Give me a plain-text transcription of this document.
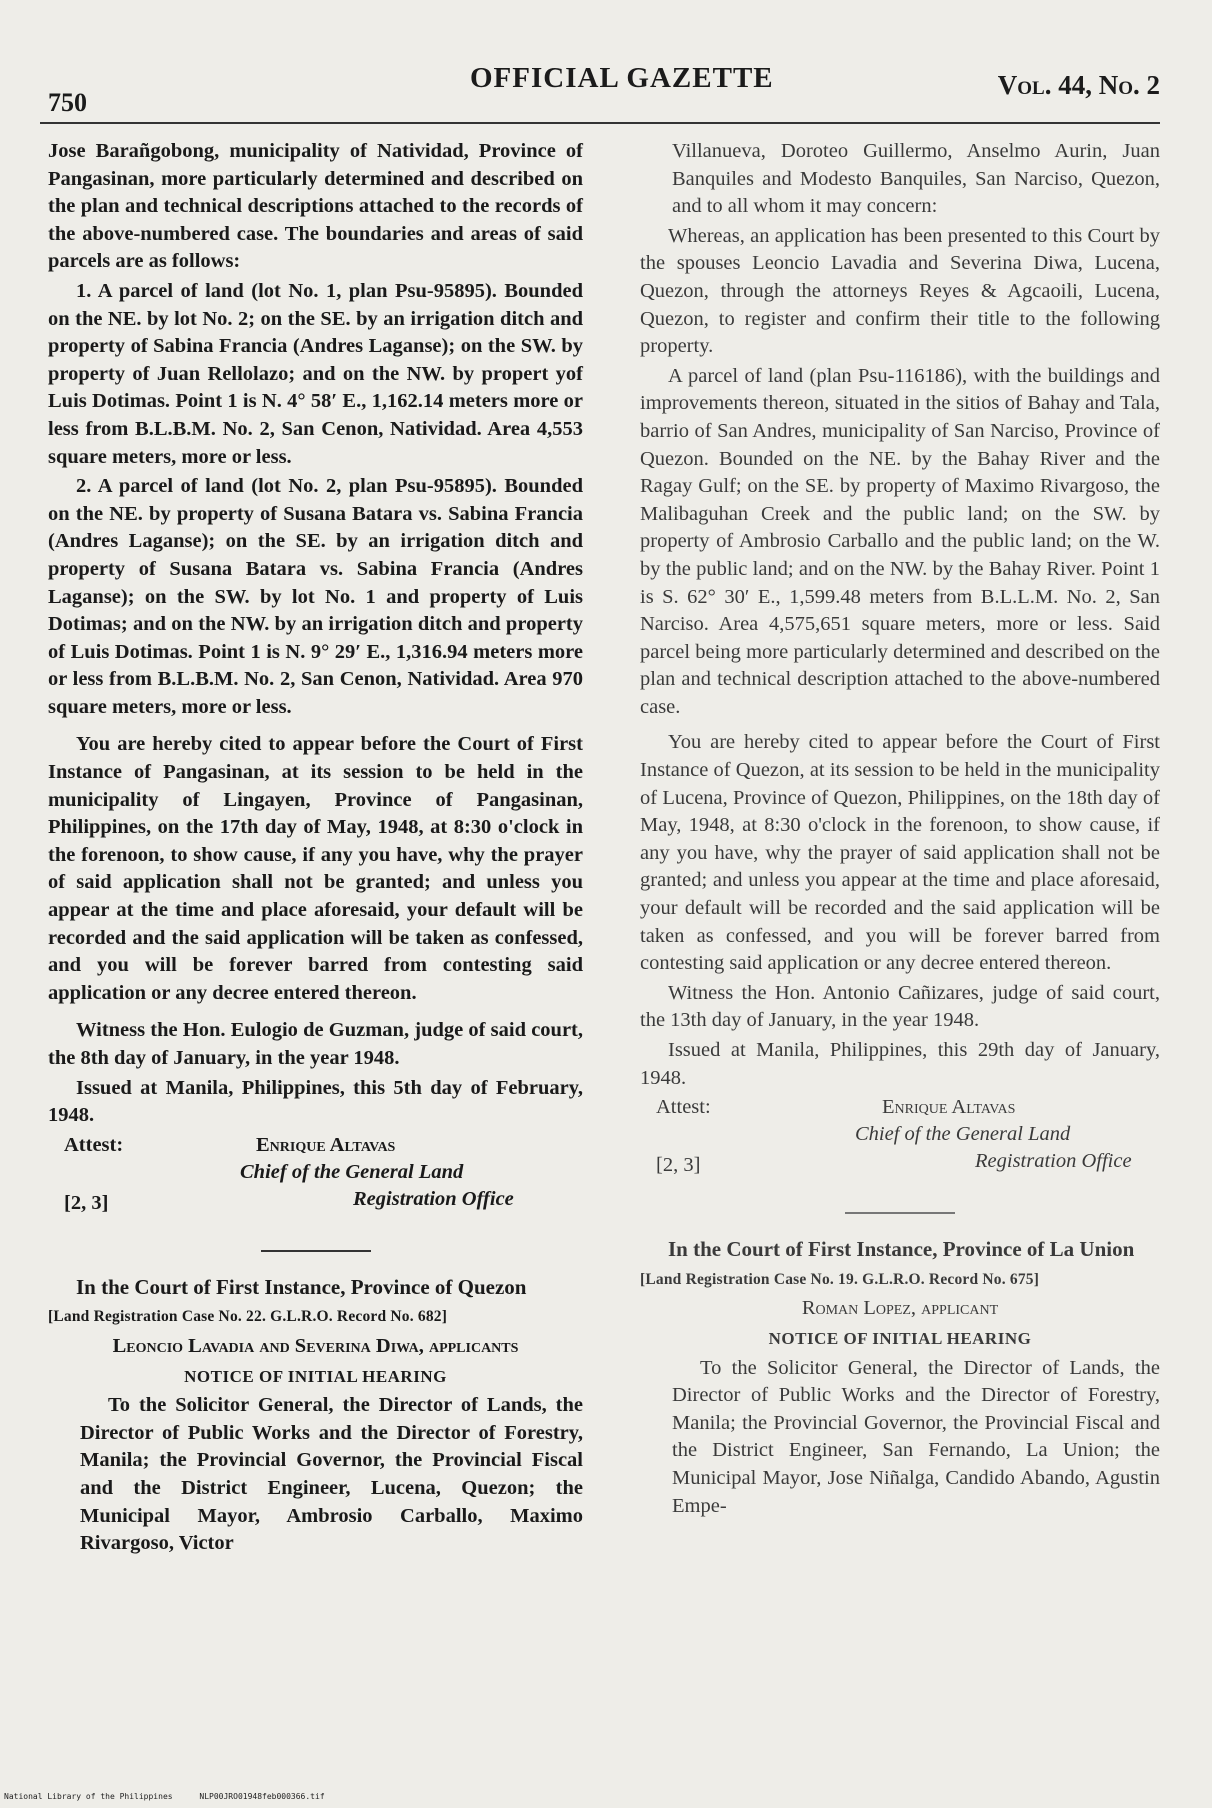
750
OFFICIAL GAZETTE	Vol. 44, No. 2

Jose Barañgobong, municipality of Natividad, Province of Pangasinan, more particularly determined and described on the plan and technical descriptions attached to the records of the above-numbered case. The boundaries and areas of said parcels are as follows:

1. A parcel of land (lot No. 1, plan Psu-95895). Bounded on the NE. by lot No. 2; on the SE. by an irrigation ditch and property of Sabina Francia (Andres Laganse); on the SW. by property of Juan Rellolazo; and on the NW. by propert yof Luis Dotimas. Point 1 is N. 4° 58′ E., 1,162.14 meters more or less from B.L.B.M. No. 2, San Cenon, Natividad. Area 4,553 square meters, more or less.

2. A parcel of land (lot No. 2, plan Psu-95895). Bounded on the NE. by property of Susana Batara vs. Sabina Francia (Andres Laganse); on the SE. by an irrigation ditch and property of Susana Batara vs. Sabina Francia (Andres Laganse); on the SW. by lot No. 1 and property of Luis Dotimas; and on the NW. by an irrigation ditch and property of Luis Dotimas. Point 1 is N. 9° 29′ E., 1,316.94 meters more or less from B.L.B.M. No. 2, San Cenon, Natividad. Area 970 square meters, more or less.

You are hereby cited to appear before the Court of First Instance of Pangasinan, at its session to be held in the municipality of Lingayen, Province of Pangasinan, Philippines, on the 17th day of May, 1948, at 8:30 o'clock in the forenoon, to show cause, if any you have, why the prayer of said application shall not be granted; and unless you appear at the time and place aforesaid, your default will be recorded and the said application will be taken as confessed, and you will be forever barred from contesting said application or any decree entered thereon.

Witness the Hon. Eulogio de Guzman, judge of said court, the 8th day of January, in the year 1948.

Issued at Manila, Philippines, this 5th day of February, 1948.

Attest:	Enrique Altavas
Chief of the General Land
[2, 3]	Registration Office

In the Court of First Instance, Province of Quezon

[Land Registration Case No. 22. G.L.R.O. Record No. 682]

Leoncio Lavadia and Severina Diwa, applicants

NOTICE OF INITIAL HEARING

To the Solicitor General, the Director of Lands, the Director of Public Works and the Director of Forestry, Manila; the Provincial Governor, the Provincial Fiscal and the District Engineer, Lucena, Quezon; the Municipal Mayor, Ambrosio Carballo, Maximo Rivargoso, Victor

Villanueva, Doroteo Guillermo, Anselmo Aurin, Juan Banquiles and Modesto Banquiles, San Narciso, Quezon, and to all whom it may concern:

Whereas, an application has been presented to this Court by the spouses Leoncio Lavadia and Severina Diwa, Lucena, Quezon, through the attorneys Reyes & Agcaoili, Lucena, Quezon, to register and confirm their title to the following property.

A parcel of land (plan Psu-116186), with the buildings and improvements thereon, situated in the sitios of Bahay and Tala, barrio of San Andres, municipality of San Narciso, Province of Quezon. Bounded on the NE. by the Bahay River and the Ragay Gulf; on the SE. by property of Maximo Rivargoso, the Malibaguhan Creek and the public land; on the SW. by property of Ambrosio Carballo and the public land; on the W. by the public land; and on the NW. by the Bahay River. Point 1 is S. 62° 30′ E., 1,599.48 meters from B.L.L.M. No. 2, San Narciso. Area 4,575,651 square meters, more or less. Said parcel being more particularly determined and described on the plan and technical description attached to the above-numbered case.

You are hereby cited to appear before the Court of First Instance of Quezon, at its session to be held in the municipality of Lucena, Province of Quezon, Philippines, on the 18th day of May, 1948, at 8:30 o'clock in the forenoon, to show cause, if any you have, why the prayer of said application shall not be granted; and unless you appear at the time and place aforesaid, your default will be recorded and the said application will be taken as confessed, and you will be forever barred from contesting said application or any decree entered thereon.

Witness the Hon. Antonio Cañizares, judge of said court, the 13th day of January, in the year 1948.

Issued at Manila, Philippines, this 29th day of January, 1948.

Attest:	Enrique Altavas
Chief of the General Land
[2, 3]	Registration Office

In the Court of First Instance, Province of La Union

[Land Registration Case No. 19. G.L.R.O. Record No. 675]

Roman Lopez, applicant

NOTICE OF INITIAL HEARING

To the Solicitor General, the Director of Lands, the Director of Public Works and the Director of Forestry, Manila; the Provincial Governor, the Provincial Fiscal and the District Engineer, San Fernando, La Union; the Municipal Mayor, Jose Niñalga, Candido Abando, Agustin Empe-

National Library of the Philippines	NLP00JRO01948feb000366.tif
